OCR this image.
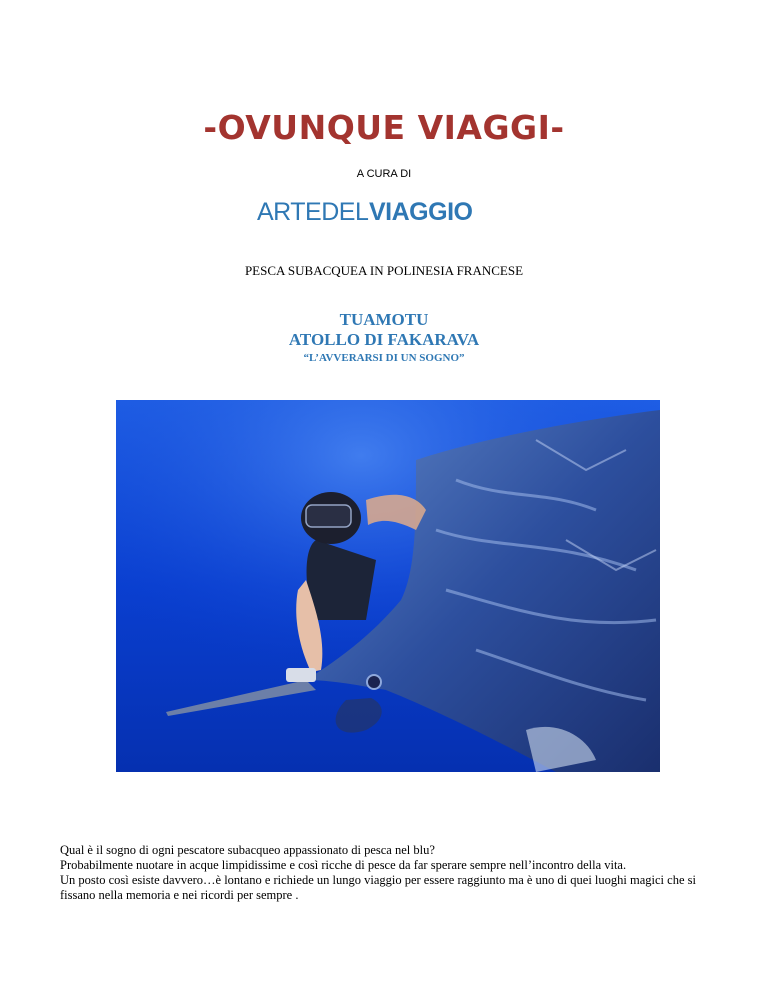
-OVUNQUE VIAGGI-
A CURA DI
ARTEDEL VIAGGIO
PESCA SUBACQUEA IN POLINESIA FRANCESE
TUAMOTU
ATOLLO DI FAKARAVA
“L’AVVERARSI DI UN SOGNO”

Qual è il sogno di ogni pescatore subacqueo appassionato di pesca nel blu?

Probabilmente nuotare in acque limpidissime e così ricche di pesce da far sperare sempre nell’incontro della vita.

Un posto così esiste davvero…è lontano e richiede un lungo viaggio per essere raggiunto ma è uno di quei luoghi magici che si fissano nella memoria e nei ricordi per sempre .
